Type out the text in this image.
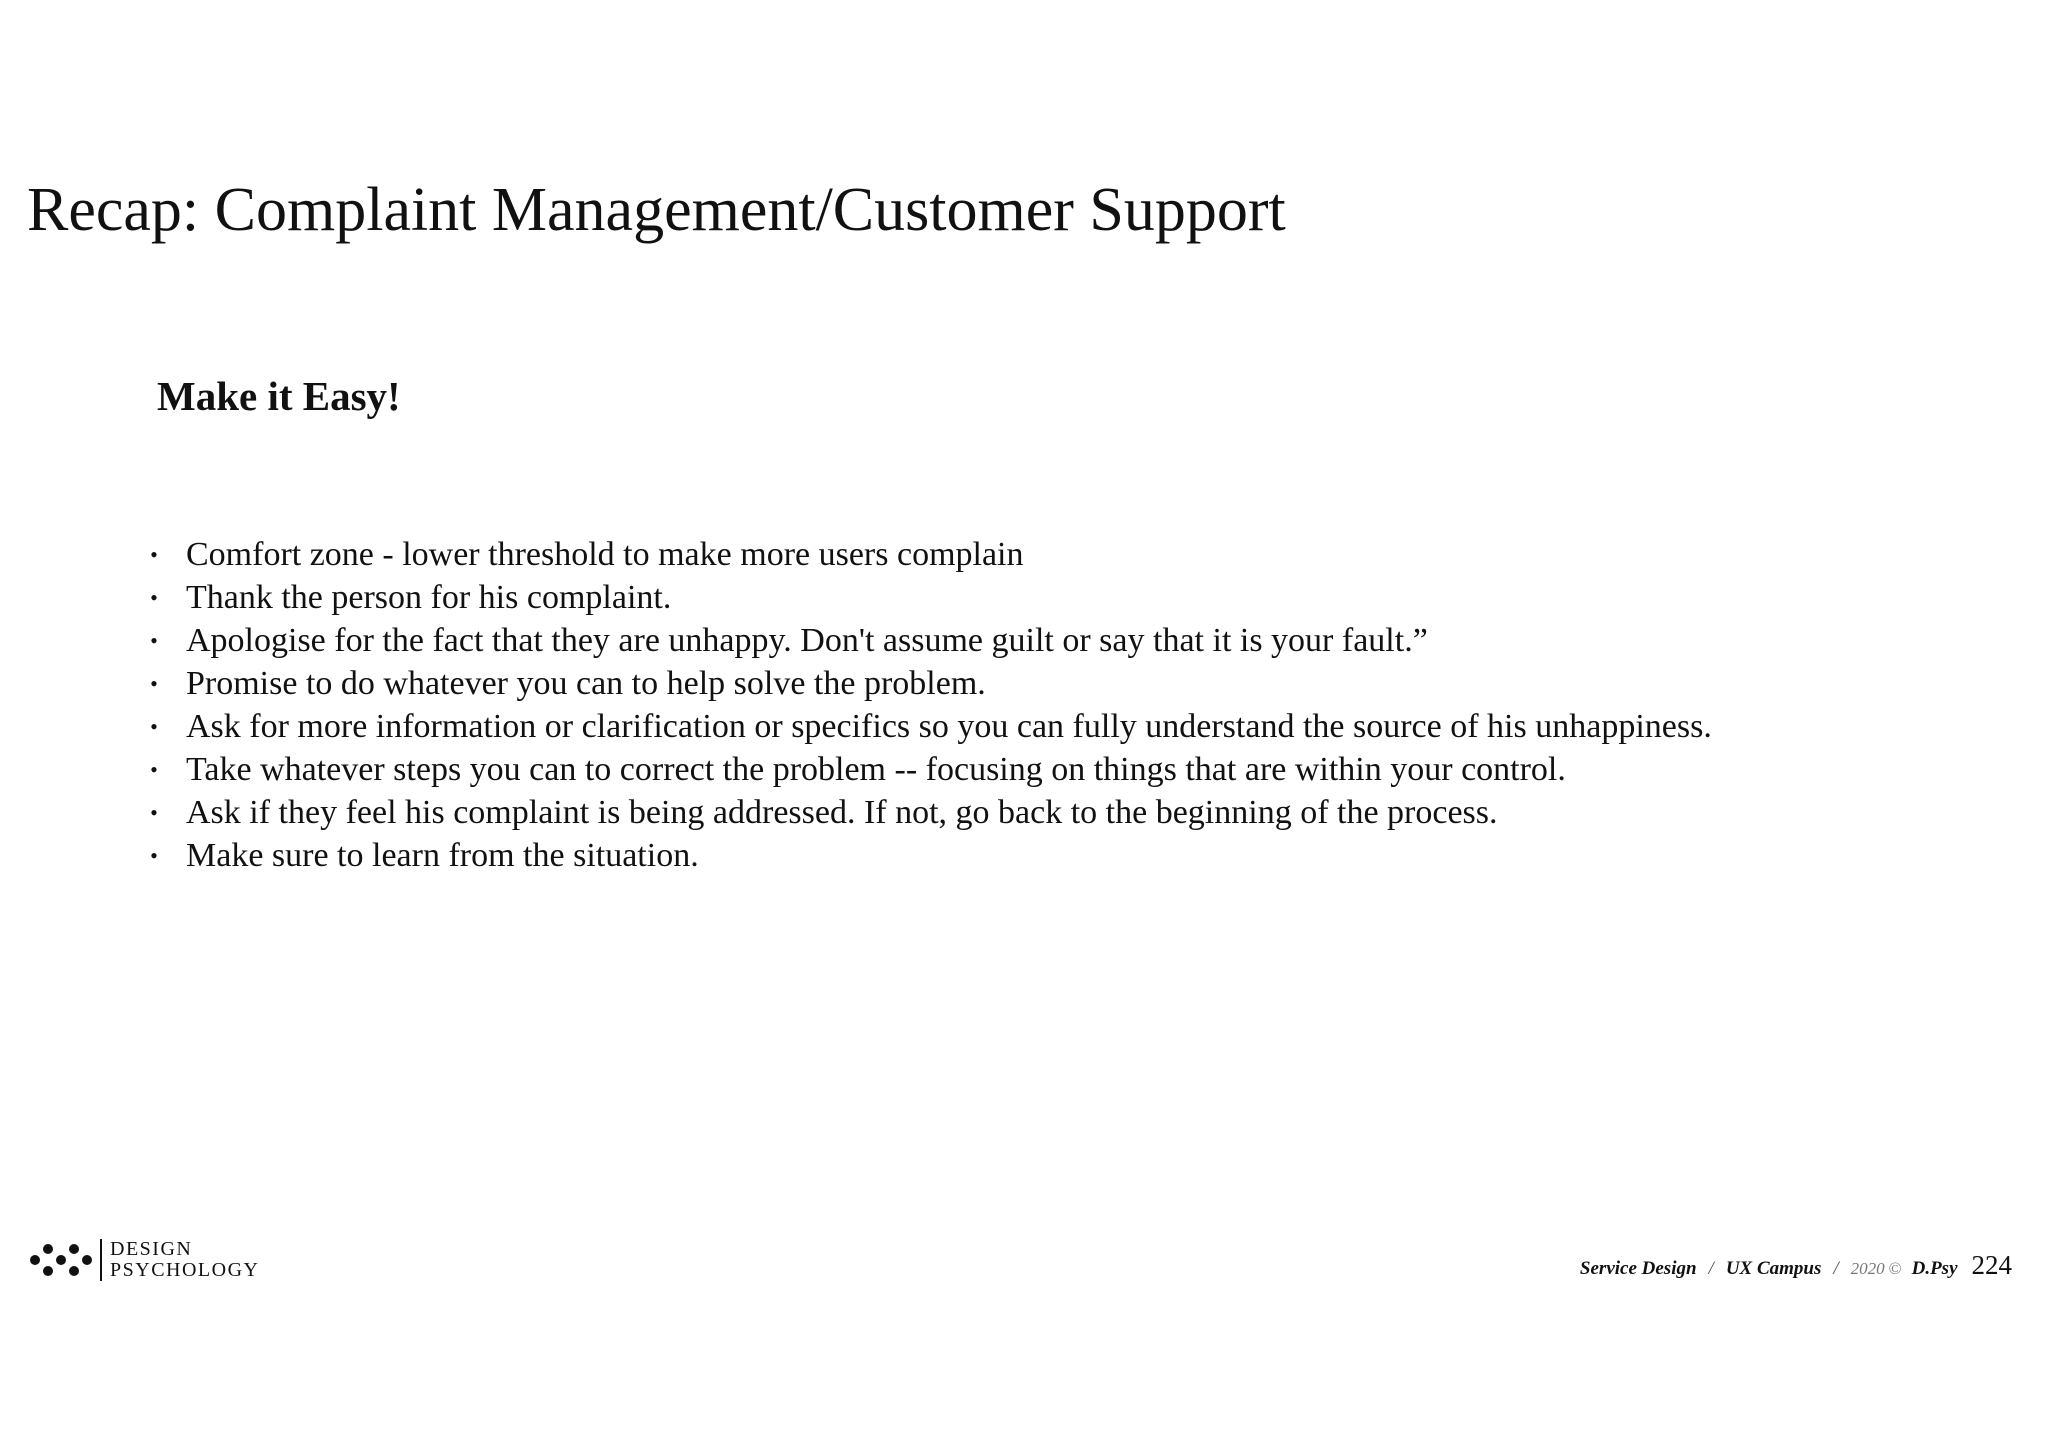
Recap: Complaint Management/Customer Support
Make it Easy!
• Comfort zone - lower threshold to make more users complain
• Thank the person for his complaint.
• Apologise for the fact that they are unhappy. Don't assume guilt or say that it is your fault.”
• Promise to do whatever you can to help solve the problem.
• Ask for more information or clarification or specifics so you can fully understand the source of his unhappiness.
• Take whatever steps you can to correct the problem -- focusing on things that are within your control.
• Ask if they feel his complaint is being addressed. If not, go back to the beginning of the process.
• Make sure to learn from the situation.
DESIGN
PSYCHOLOGY	Service Design / UX Campus / 2020 © D.Psy 224
